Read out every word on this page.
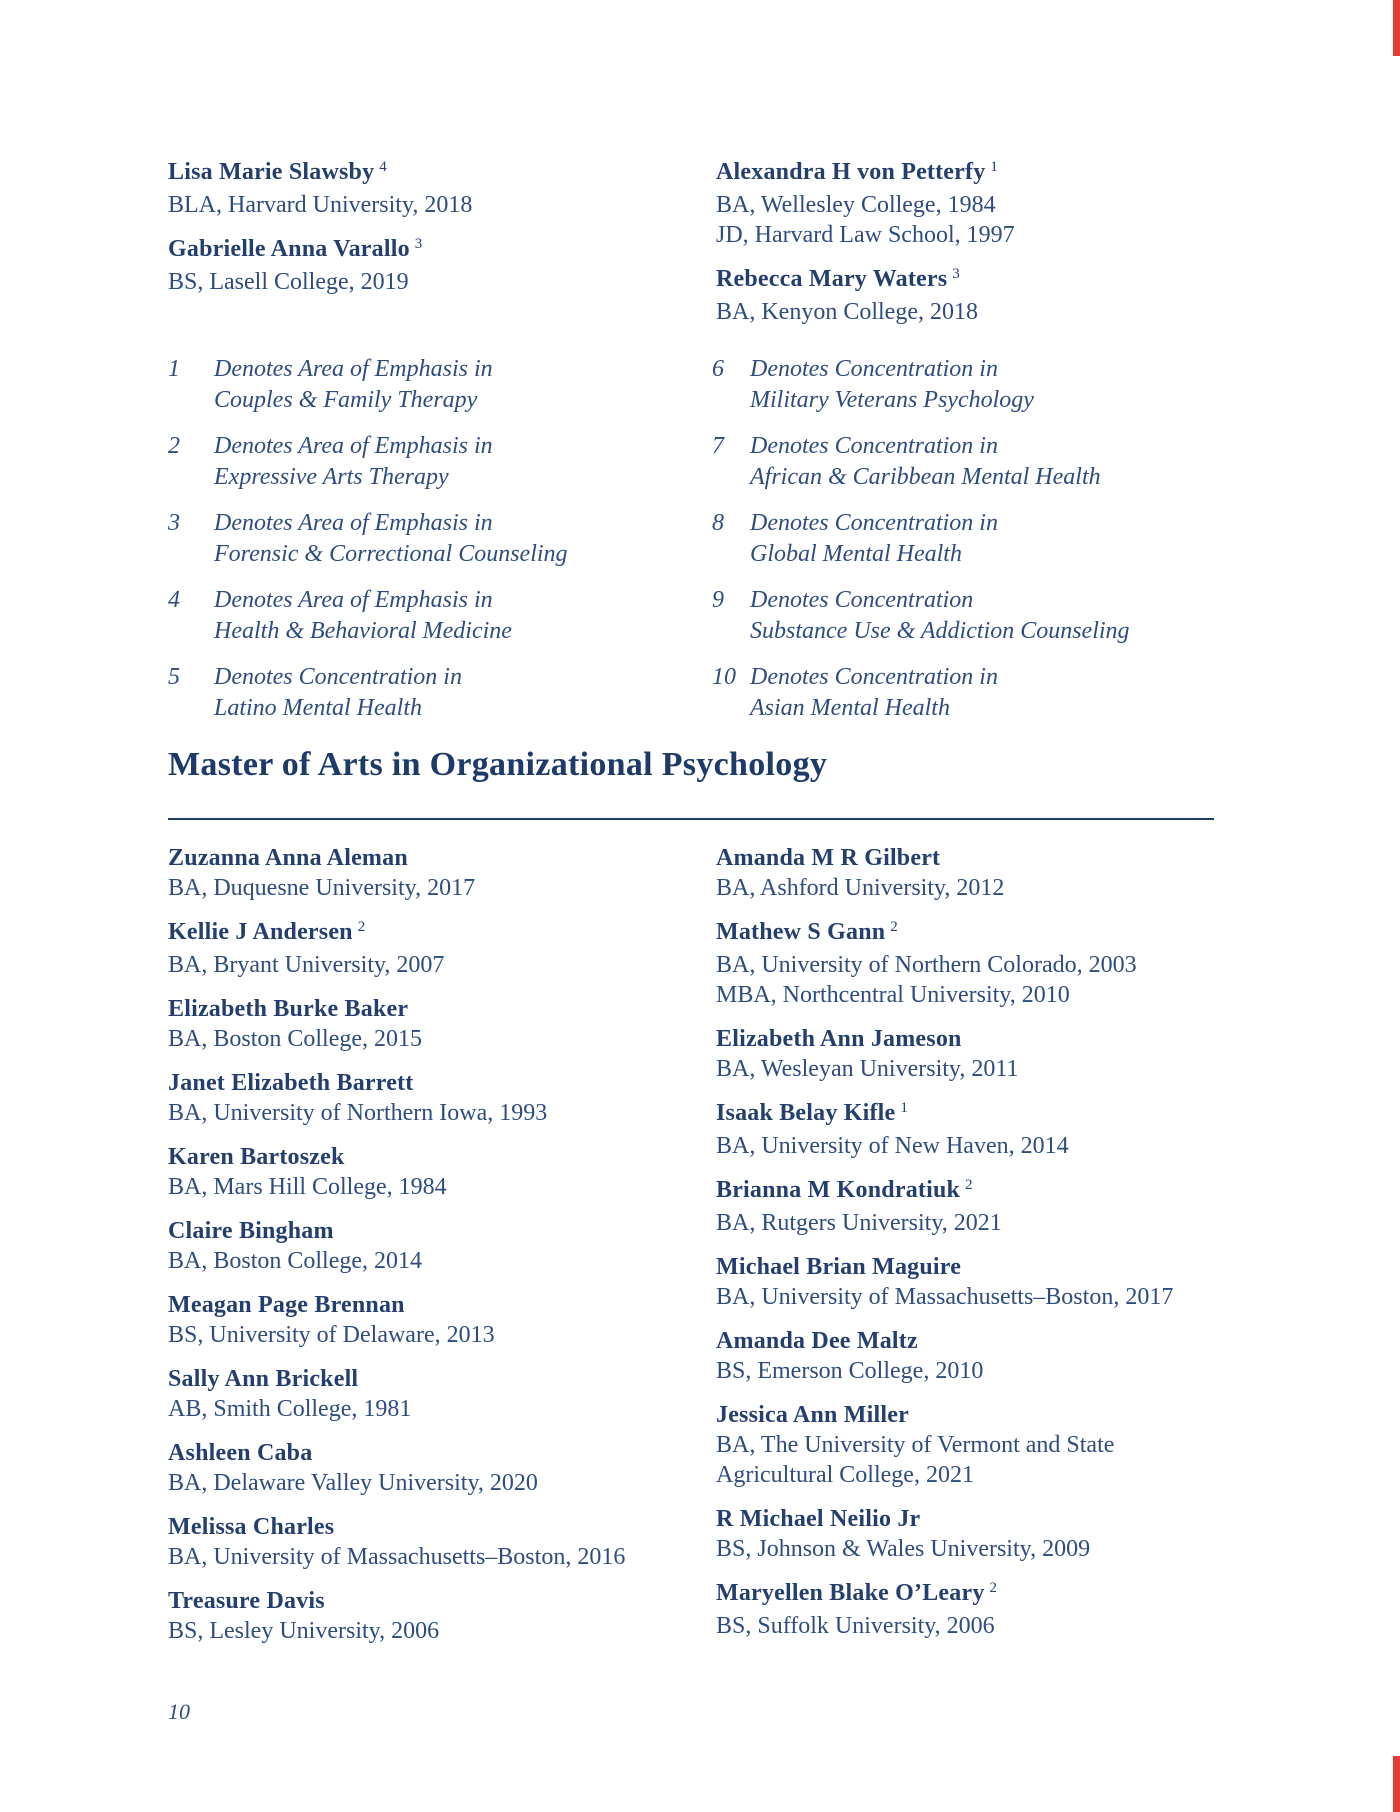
Lisa Marie Slawsby $^4$
BLA, Harvard University, 2018
Gabrielle Anna Varallo $^3$
BS, Lasell College, 2019
Alexandra H von Petterfy $^1$
BA, Wellesley College, 1984
JD, Harvard Law School, 1997
Rebecca Mary Waters $^3$
BA, Kenyon College, 2018
1	Denotes Area of Emphasis in
Couples & Family Therapy
2	Denotes Area of Emphasis in
Expressive Arts Therapy
3	Denotes Area of Emphasis in
Forensic & Correctional Counseling
4	Denotes Area of Emphasis in
Health & Behavioral Medicine
5	Denotes Concentration in
Latino Mental Health
6	Denotes Concentration in
Military Veterans Psychology
7	Denotes Concentration in
African & Caribbean Mental Health
8	Denotes Concentration in
Global Mental Health
9	Denotes Concentration
Substance Use & Addiction Counseling
10 Denotes Concentration in
Asian Mental Health
Master of Arts in Organizational Psychology
Zuzanna Anna Aleman
BA, Duquesne University, 2017
Kellie J Andersen $^2$
BA, Bryant University, 2007
Elizabeth Burke Baker
BA, Boston College, 2015
Janet Elizabeth Barrett
BA, University of Northern Iowa, 1993
Karen Bartoszek
BA, Mars Hill College, 1984
Claire Bingham
BA, Boston College, 2014
Meagan Page Brennan
BS, University of Delaware, 2013
Sally Ann Brickell
AB, Smith College, 1981
Ashleen Caba
BA, Delaware Valley University, 2020
Melissa Charles
BA, University of Massachusetts–Boston, 2016
Treasure Davis
BS, Lesley University, 2006
Amanda M R Gilbert
BA, Ashford University, 2012
Mathew S Gann $^2$
BA, University of Northern Colorado, 2003
MBA, Northcentral University, 2010
Elizabeth Ann Jameson
BA, Wesleyan University, 2011
Isaak Belay Kifle $^1$
BA, University of New Haven, 2014
Brianna M Kondratiuk $^2$
BA, Rutgers University, 2021
Michael Brian Maguire
BA, University of Massachusetts–Boston, 2017
Amanda Dee Maltz
BS, Emerson College, 2010
Jessica Ann Miller
BA, The University of Vermont and State
Agricultural College, 2021
R Michael Neilio Jr
BS, Johnson & Wales University, 2009
Maryellen Blake O’Leary $^2$
BS, Suffolk University, 2006
10
